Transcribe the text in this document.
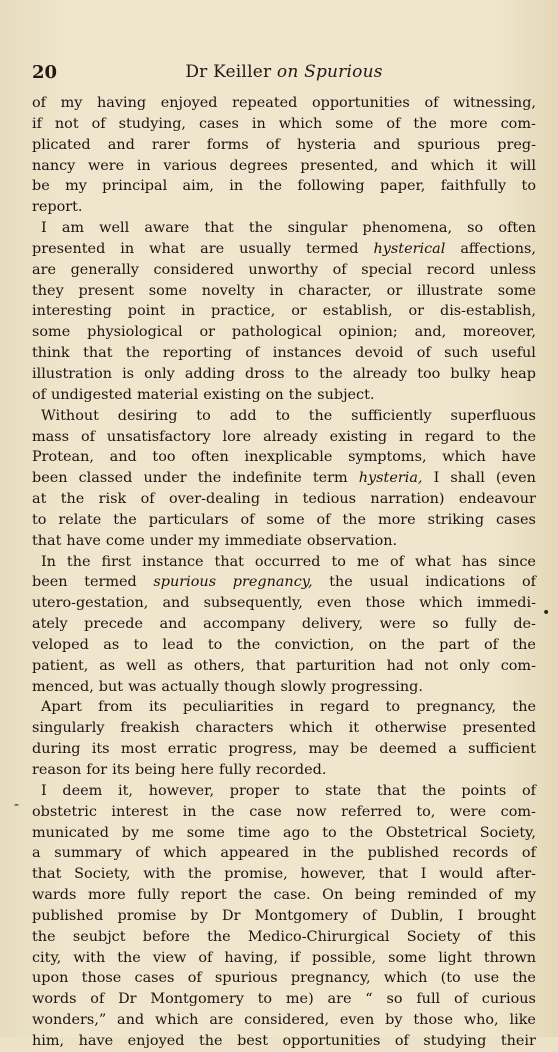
20	Dr Keiller on Spurious
of my having enjoyed repeated opportunities of witnessing,
if not of studying, cases in which some of the more com-
plicated and rarer forms of hysteria and spurious preg-
nancy were in various degrees presented, and which it will
be my principal aim, in the following paper, faithfully to
report.
I am well aware that the singular phenomena, so often
presented in what are usually termed hysterical affections,
are generally considered unworthy of special record unless
they present some novelty in character, or illustrate some
interesting point in practice, or establish, or dis-establish,
some physiological or pathological opinion; and, moreover,
think that the reporting of instances devoid of such useful
illustration is only adding dross to the already too bulky heap
of undigested material existing on the subject.
Without desiring to add to the sufficiently superfluous
mass of unsatisfactory lore already existing in regard to the
Protean, and too often inexplicable symptoms, which have
been classed under the indefinite term hysteria, I shall (even
at the risk of over-dealing in tedious narration) endeavour
to relate the particulars of some of the more striking cases
that have come under my immediate observation.
In the first instance that occurred to me of what has since
been termed spurious pregnancy, the usual indications of
utero-gestation, and subsequently, even those which immedi-
ately precede and accompany delivery, were so fully de-
veloped as to lead to the conviction, on the part of the
patient, as well as others, that parturition had not only com-
menced, but was actually though slowly progressing.
Apart from its peculiarities in regard to pregnancy, the
singularly freakish characters which it otherwise presented
during its most erratic progress, may be deemed a sufficient
reason for its being here fully recorded.
I deem it, however, proper to state that the points of
obstetric interest in the case now referred to, were com-
municated by me some time ago to the Obstetrical Society,
a summary of which appeared in the published records of
that Society, with the promise, however, that I would after-
wards more fully report the case. On being reminded of my
published promise by Dr Montgomery of Dublin, I brought
the seubjct before the Medico-Chirurgical Society of this
city, with the view of having, if possible, some light thrown
upon those cases of spurious pregnancy, which (to use the
words of Dr Montgomery to me) are “ so full of curious
wonders,” and which are considered, even by those who, like
him, have enjoyed the best opportunities of studying their
•
-
